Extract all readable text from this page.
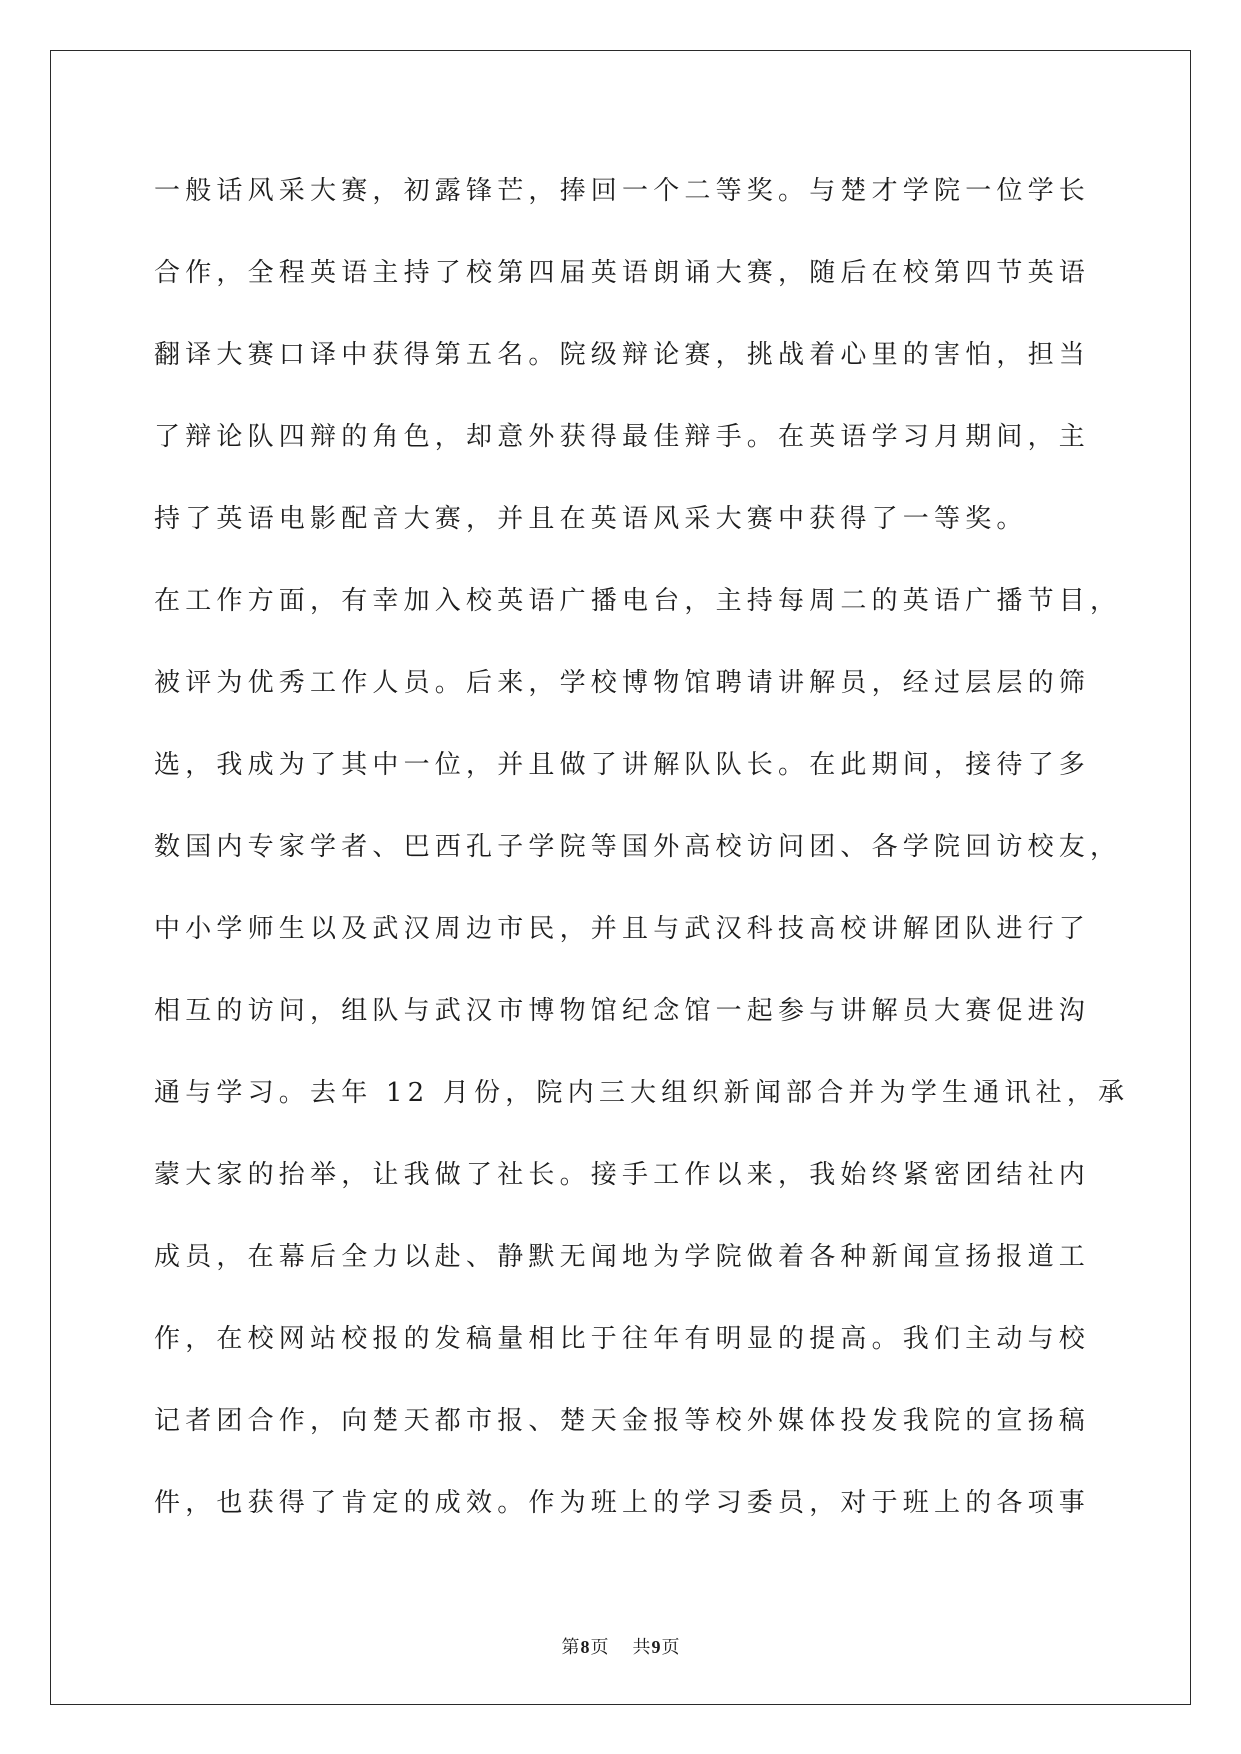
一般话风采大赛，初露锋芒，捧回一个二等奖。与楚才学院一位学长
合作，全程英语主持了校第四届英语朗诵大赛，随后在校第四节英语
翻译大赛口译中获得第五名。院级辩论赛，挑战着心里的害怕，担当
了辩论队四辩的角色，却意外获得最佳辩手。在英语学习月期间，主
持了英语电影配音大赛，并且在英语风采大赛中获得了一等奖。
在工作方面，有幸加入校英语广播电台，主持每周二的英语广播节目，
被评为优秀工作人员。后来，学校博物馆聘请讲解员，经过层层的筛
选，我成为了其中一位，并且做了讲解队队长。在此期间，接待了多
数国内专家学者、巴西孔子学院等国外高校访问团、各学院回访校友，
中小学师生以及武汉周边市民，并且与武汉科技高校讲解团队进行了
相互的访问，组队与武汉市博物馆纪念馆一起参与讲解员大赛促进沟
通与学习。去年 12 月份，院内三大组织新闻部合并为学生通讯社，承
蒙大家的抬举，让我做了社长。接手工作以来，我始终紧密团结社内
成员，在幕后全力以赴、静默无闻地为学院做着各种新闻宣扬报道工
作，在校网站校报的发稿量相比于往年有明显的提高。我们主动与校
记者团合作，向楚天都市报、楚天金报等校外媒体投发我院的宣扬稿
件，也获得了肯定的成效。作为班上的学习委员，对于班上的各项事
第8页 共9页
